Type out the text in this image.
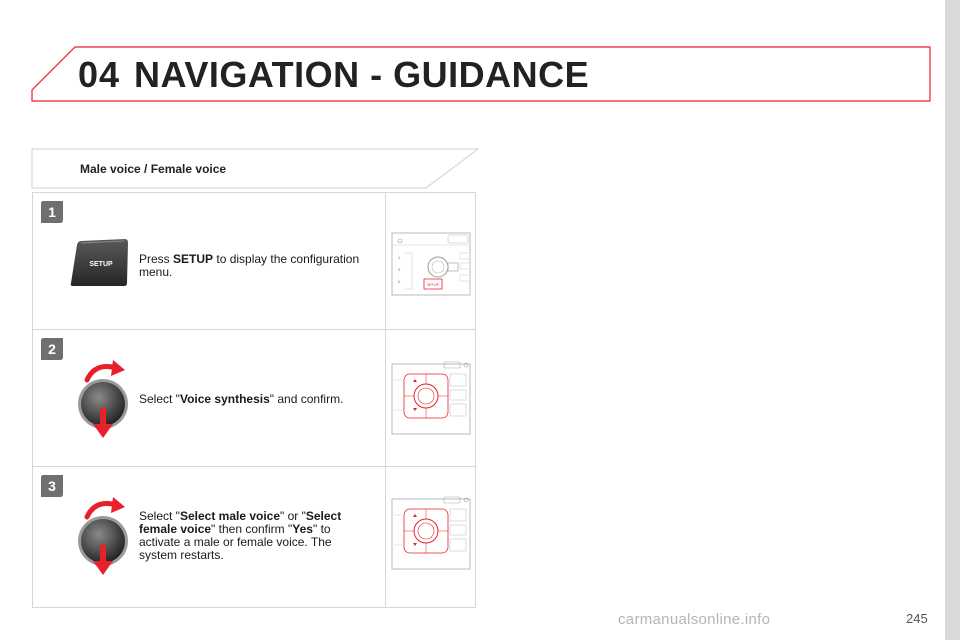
04 NAVIGATION - GUIDANCE
Male voice / Female voice
1
SETUP Press SETUP to display the configuration menu.
4
5
6
SETUP
2
Select "Voice synthesis" and confirm.
3
Select "Select male voice" or "Select female voice" then confirm "Yes" to activate a male or female voice. The system restarts.
carmanualsonline.info	245
